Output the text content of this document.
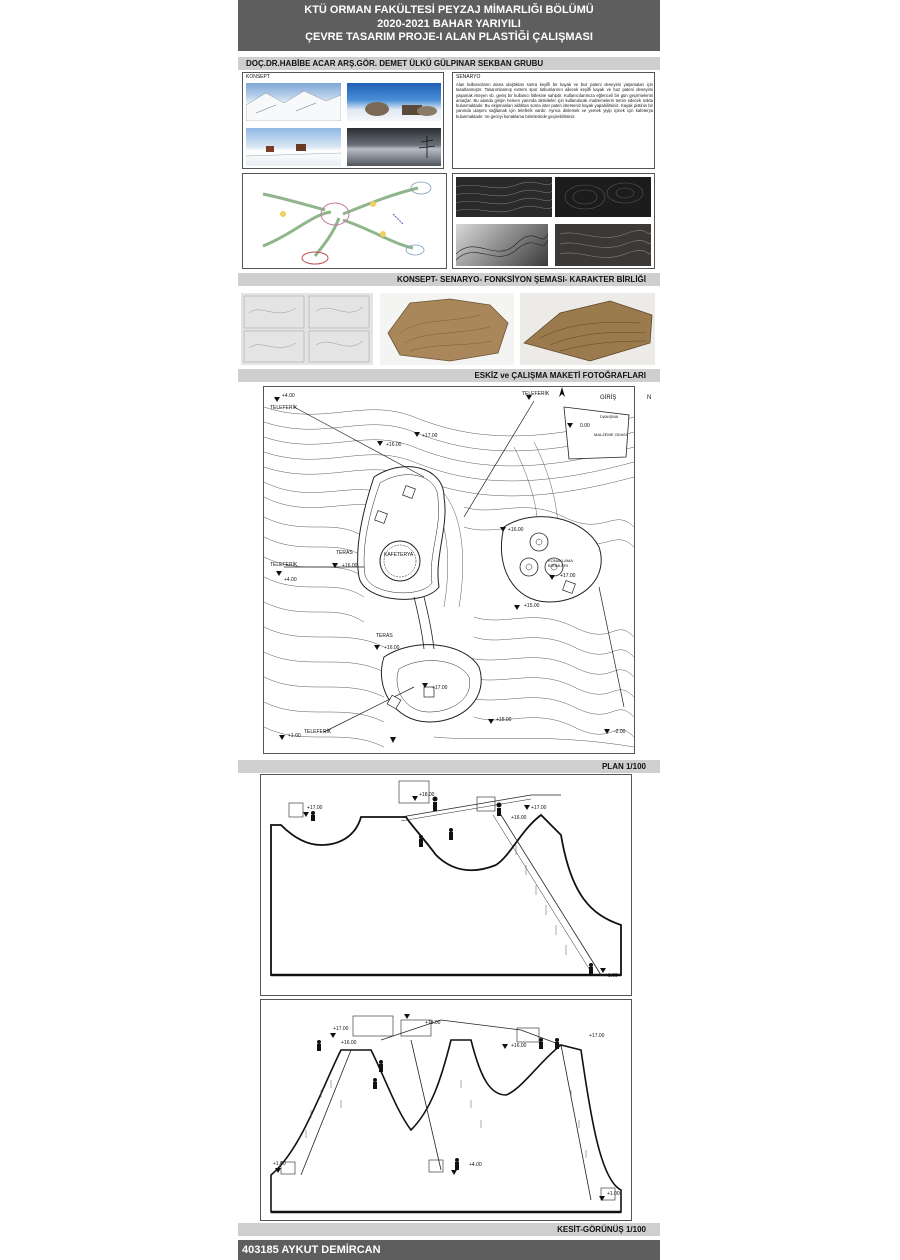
KTÜ ORMAN FAKÜLTESİ PEYZAJ MİMARLIĞI BÖLÜMÜ
2020-2021 BAHAR YARIYILI
ÇEVRE TASARIM PROJE-I ALAN PLASTİĞİ ÇALIŞMASI
DOÇ.DR.HABİBE ACAR ARŞ.GÖR. DEMET ÜLKÜ GÜLPINAR SEKBAN GRUBU
KONSEPT	SENARYO
Alan kullanıcıların alana ulaştıktan sonra keyifli bir kayak ve buz pateni deneyimi yaşamaları için tasarlanmıştır. Tasarımlanmış extrem spor tutkunlarının ailecek keyifli kayak ve buz pateni deneyimi yaşamak isteyen vb. geniş bir kullanıcı kitlesine sahiptir. Kullanıcılarımıza eğlenceli bir gün geçirmelerini amaçlar. Bu alanda girişin hemen yanında aktiviteler için kullanılacak malzemelerin temin edecek nokta bulunmaktadır. Bu ekipmanları aldıktan sonra ister paten isterseniz kayak yapabilirsiniz. Kayak pistinin bir yanında ulaşımı sağlamak için teleferik vardır. Ayrıca dinlemek ve yemek yiyip içmek için kafeterya bulunmaktadır. Ve geceyi konaklama birimlerinde geçirebilirsiniz.
KONSEPT- SENARYO- FONKSİYON ŞEMASI- KARAKTER BİRLİĞİ
ESKİZ ve ÇALIŞMA MAKETİ FOTOĞRAFLARI
+4.00
TELEFERİK
TELEFERİK
GİRİŞ	N
DANIŞMA
0.00
MALZEME ODASI
+16.00
+17.00
+16.00
KAFETERYA
TERAS
+16.00
TELEFERİK
+4.00
KONAKLAMA BİRİMLERİ
+17.00
+15.00
TERAS
+16.00
+17.00
+15.00
TELEFERİK
+1.00
-2.00
PLAN 1/100
+17.00
+18.00
+17.00
+16.00
+1.00
+17.00
+16.00
+18.00
+16.00
+17.00
+1.00	+4.00
+1.00
KESİT-GÖRÜNÜŞ 1/100
403185 AYKUT DEMİRCAN
